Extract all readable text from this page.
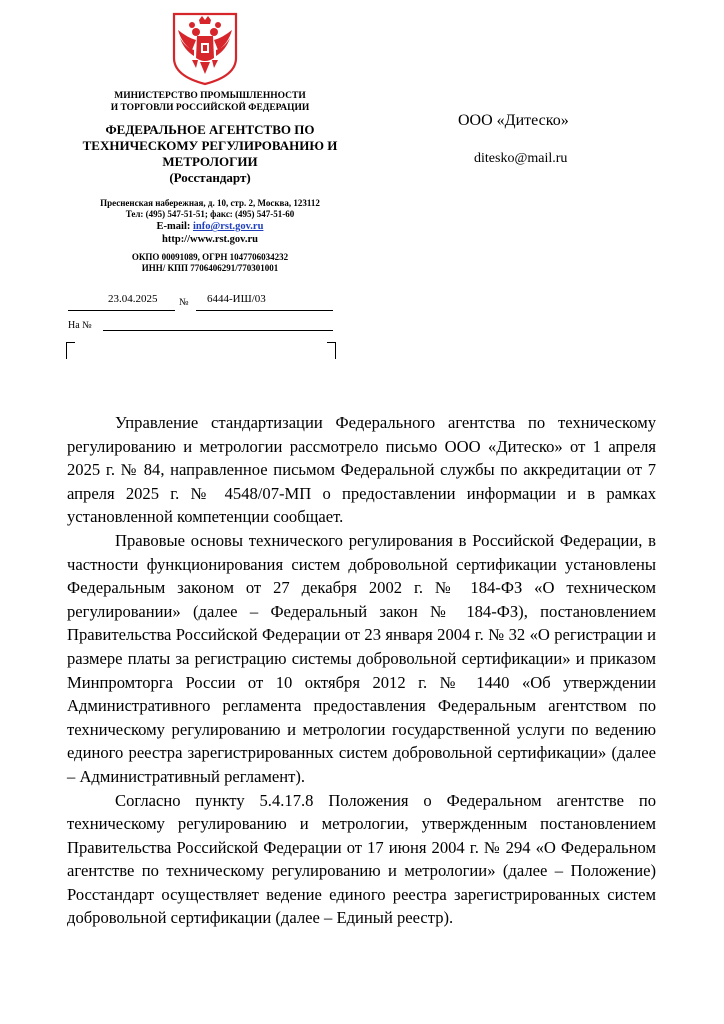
МИНИСТЕРСТВО ПРОМЫШЛЕННОСТИ
И ТОРГОВЛИ РОССИЙСКОЙ ФЕДЕРАЦИИ
ФЕДЕРАЛЬНОЕ АГЕНТСТВО ПО
ТЕХНИЧЕСКОМУ РЕГУЛИРОВАНИЮ И
МЕТРОЛОГИИ
(Росстандарт)
Пресненская набережная, д. 10, стр. 2, Москва, 123112
Тел: (495) 547-51-51; факс: (495) 547-51-60
E-mail: info@rst.gov.ru
http://www.rst.gov.ru
ОКПО 00091089, ОГРН 1047706034232
ИНН/ КПП 7706406291/770301001
23.04.2025 № 6444-ИШ/03
На №
ООО «Дитеско»
ditesko@mail.ru

Управление стандартизации Федерального агентства по техническому регулированию и метрологии рассмотрело письмо ООО «Дитеско» от 1 апреля 2025 г. № 84, направленное письмом Федеральной службы по аккредитации от 7 апреля 2025 г. № 4548/07-МП о предоставлении информации и в рамках установленной компетенции сообщает.

Правовые основы технического регулирования в Российской Федерации, в частности функционирования систем добровольной сертификации установлены Федеральным законом от 27 декабря 2002 г. № 184-ФЗ «О техническом регулировании» (далее – Федеральный закон № 184-ФЗ), постановлением Правительства Российской Федерации от 23 января 2004 г. № 32 «О регистрации и размере платы за регистрацию системы добровольной сертификации» и приказом Минпромторга России от 10 октября 2012 г. № 1440 «Об утверждении Административного регламента предоставления Федеральным агентством по техническому регулированию и метрологии государственной услуги по ведению единого реестра зарегистрированных систем добровольной сертификации» (далее – Административный регламент).

Согласно пункту 5.4.17.8 Положения о Федеральном агентстве по техническому регулированию и метрологии, утвержденным постановлением Правительства Российской Федерации от 17 июня 2004 г. № 294 «О Федеральном агентстве по техническому регулированию и метрологии» (далее – Положение) Росстандарт осуществляет ведение единого реестра зарегистрированных систем добровольной сертификации (далее – Единый реестр).
